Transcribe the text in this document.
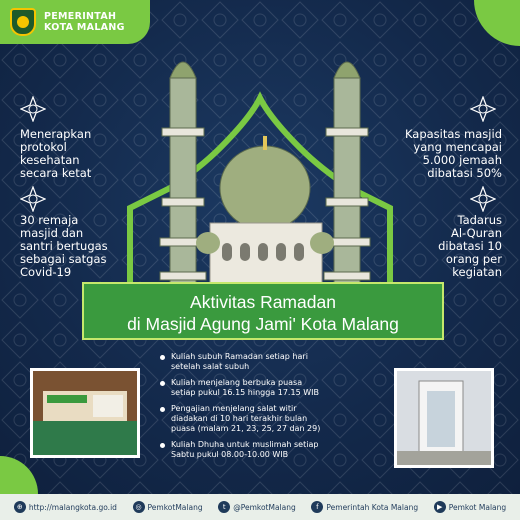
PEMERINTAH
KOTA MALANG
Menerapkan
protokol
kesehatan
secara ketat
30 remaja
masjid dan
santri bertugas
sebagai satgas
Covid-19
Kapasitas masjid
yang mencapai
5.000 jemaah
dibatasi 50%
Tadarus
Al-Quran
dibatasi 10
orang per
kegiatan
Aktivitas Ramadan
di Masjid Agung Jami' Kota Malang
Kuliah subuh Ramadan setiap hari
setelah salat subuh
Kuliah menjelang berbuka puasa
setiap pukul 16.15 hingga 17.15 WIB
Pengajian menjelang salat witir
diadakan di 10 hari terakhir bulan
puasa (malam 21, 23, 25, 27 dan 29)
Kuliah Dhuha untuk muslimah setiap
Sabtu pukul 08.00-10.00 WIB
⊕ http://malangkota.go.id	◎ PemkotMalang	t	@PemkotMalang	f	Pemerintah Kota Malang	▶ Pemkot Malang
